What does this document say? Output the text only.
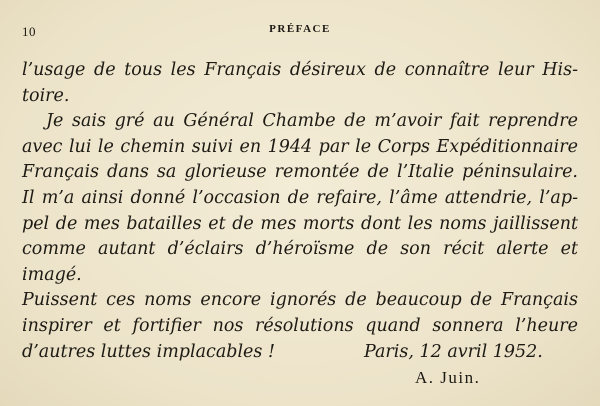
10	PRÉFACE
l’usage de tous les Français désireux de connaître leur His-
toire.
Je sais gré au Général Chambe de m’avoir fait reprendre
avec lui le chemin suivi en 1944 par le Corps Expéditionnaire
Français dans sa glorieuse remontée de l’Italie péninsulaire.
Il m’a ainsi donné l’occasion de refaire, l’âme attendrie, l’ap-
pel de mes batailles et de mes morts dont les noms jaillissent
comme autant d’éclairs d’héroïsme de son récit alerte et imagé.
Puissent ces noms encore ignorés de beaucoup de Français
inspirer et fortifier nos résolutions quand sonnera l’heure
d’autres luttes implacables !	Paris, 12 avril 1952.
A. Juin.
